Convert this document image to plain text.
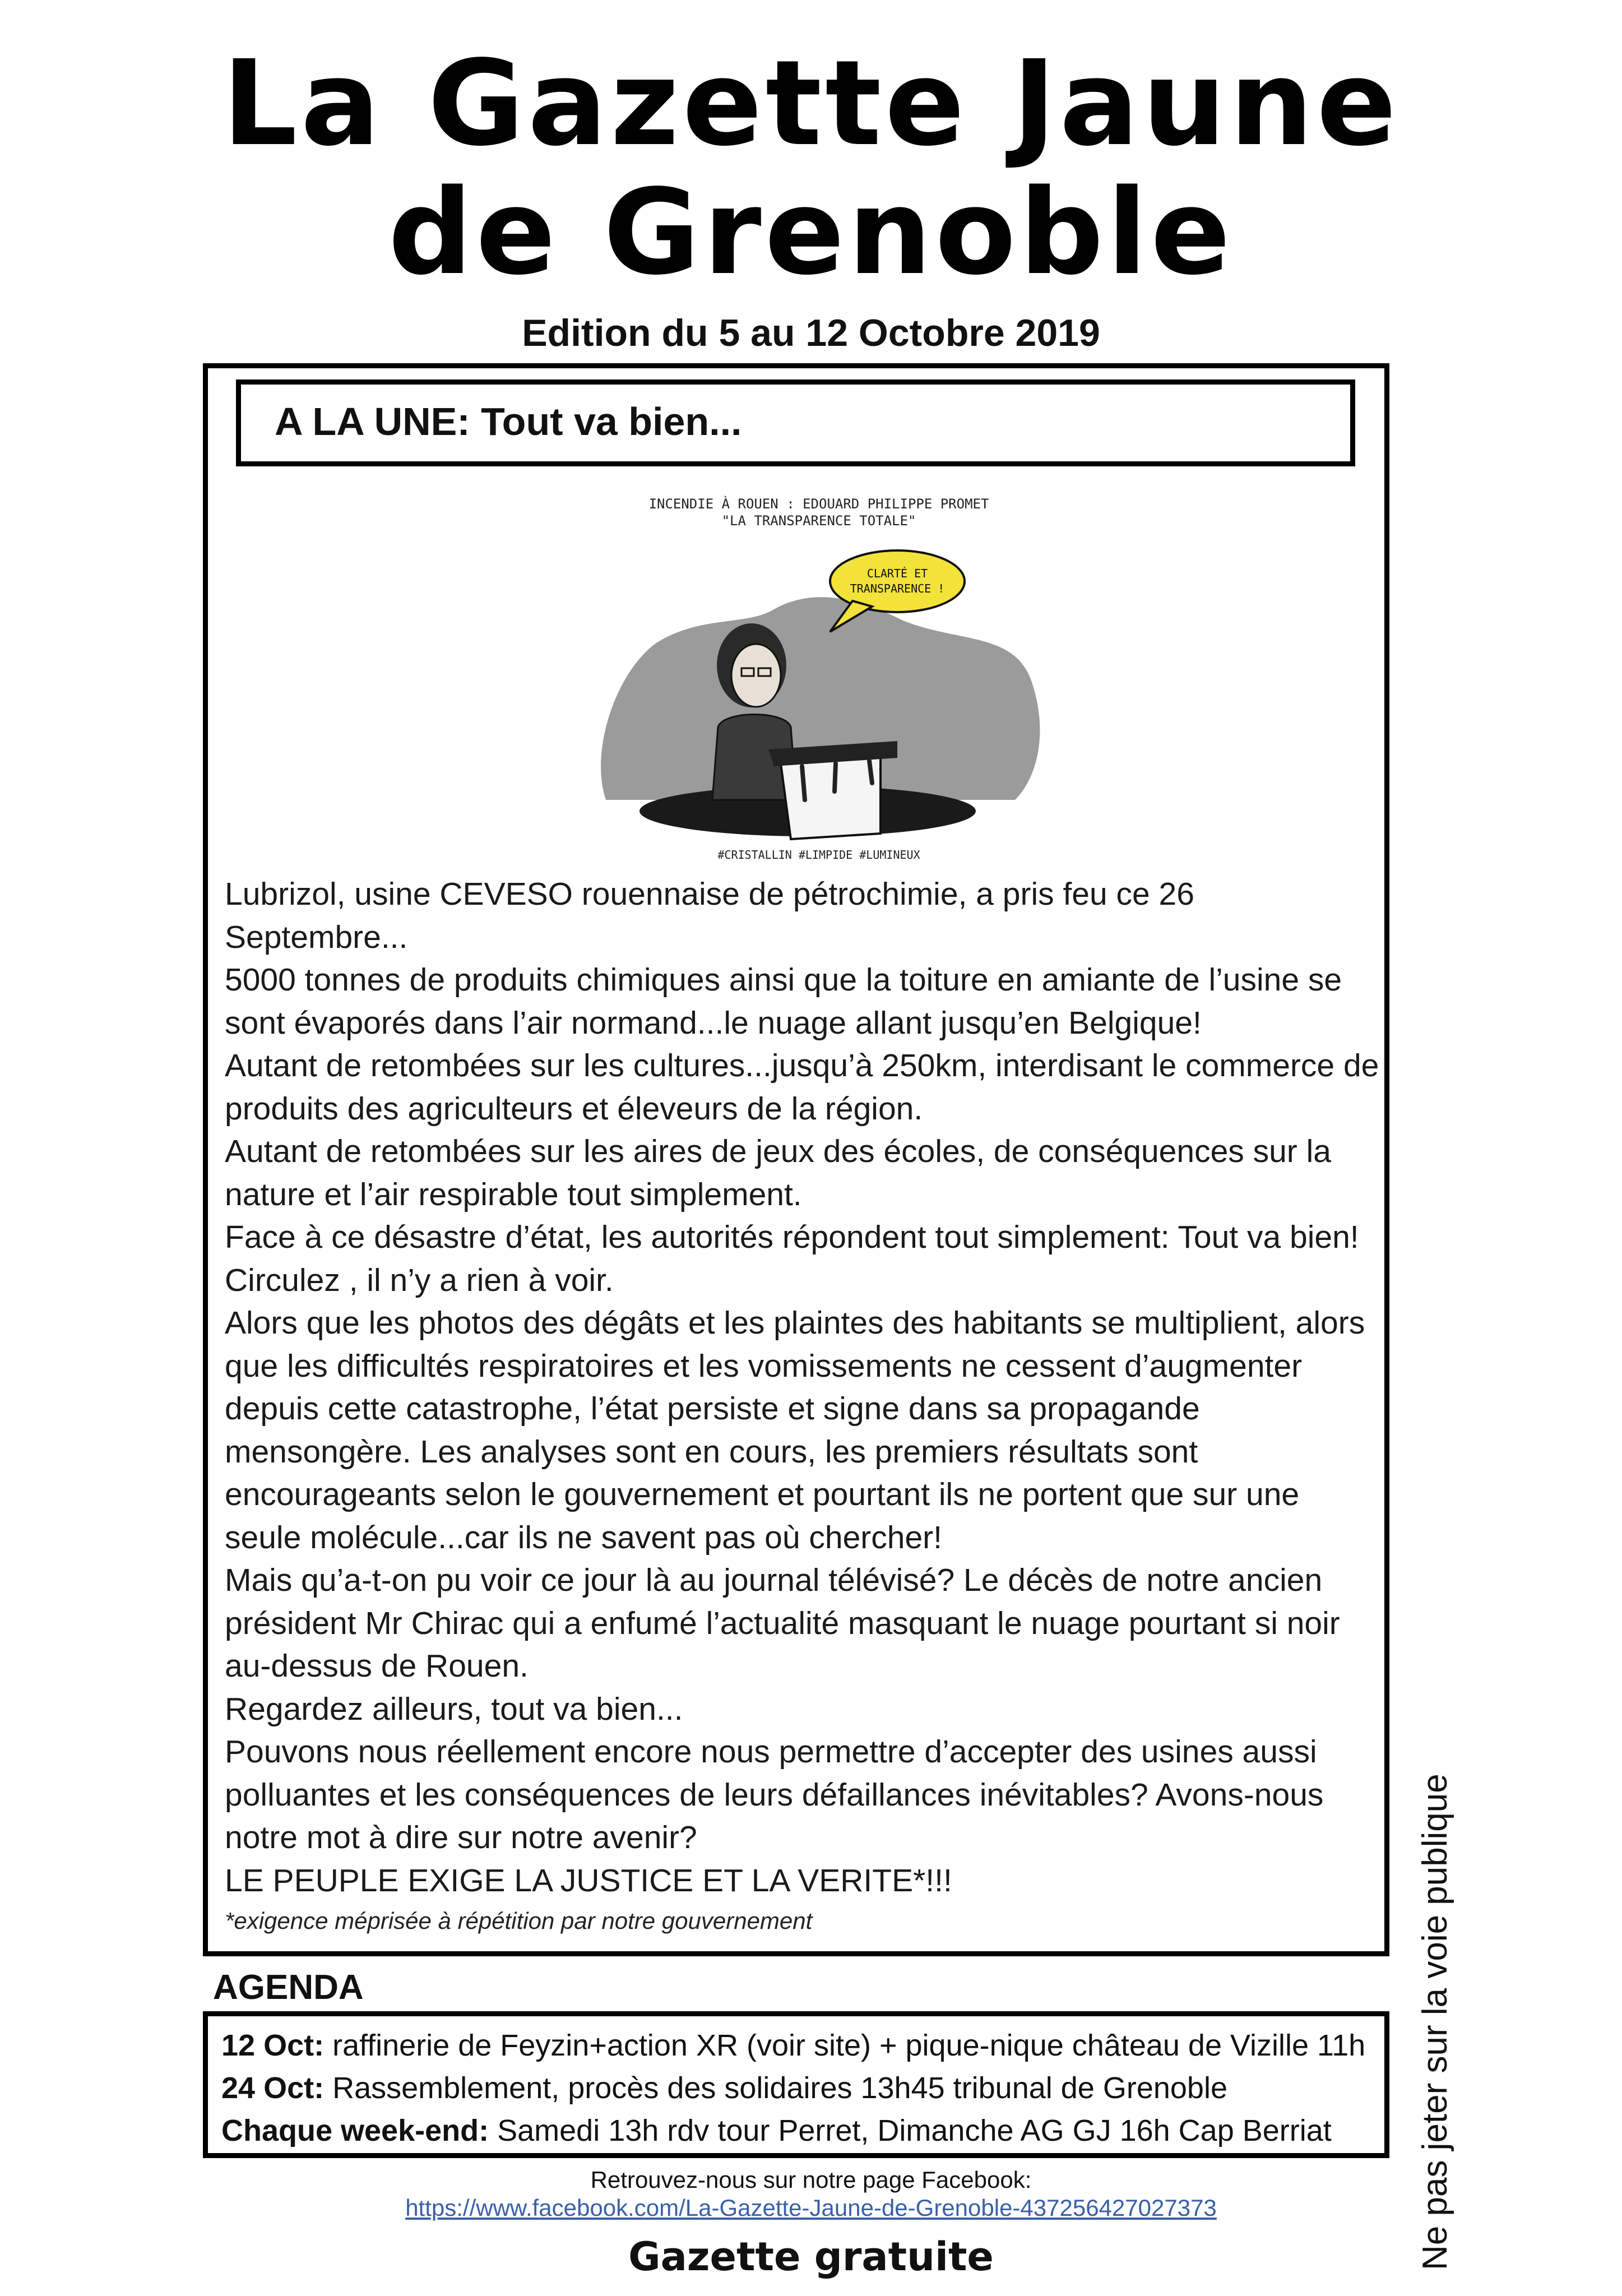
La Gazette Jaune
de Grenoble
Edition du 5 au 12 Octobre 2019
A LA UNE: Tout va bien...
INCENDIE À ROUEN : EDOUARD PHILIPPE PROMET
"LA TRANSPARENCE TOTALE"
CLARTÉ ET
TRANSPARENCE !
#CRISTALLIN #LIMPIDE #LUMINEUX

Lubrizol, usine CEVESO rouennaise de pétrochimie, a pris feu ce 26 Septembre...

5000 tonnes de produits chimiques ainsi que la toiture en amiante de l’usine se sont évaporés dans l’air normand...le nuage allant jusqu’en Belgique!

Autant de retombées sur les cultures...jusqu’à 250km, interdisant le commerce de produits des agriculteurs et éleveurs de la région.

Autant de retombées sur les aires de jeux des écoles, de conséquences sur la nature et l’air respirable tout simplement.

Face à ce désastre d’état, les autorités répondent tout simplement: Tout va bien! Circulez , il n’y a rien à voir.

Alors que les photos des dégâts et les plaintes des habitants se multiplient, alors que les difficultés respiratoires et les vomissements ne cessent d’augmenter depuis cette catastrophe, l’état persiste et signe dans sa propagande mensongère. Les analyses sont en cours, les premiers résultats sont encourageants selon le gouvernement et pourtant ils ne portent que sur une seule molécule...car ils ne savent pas où chercher!

Mais qu’a-t-on pu voir ce jour là au journal télévisé? Le décès de notre ancien président Mr Chirac qui a enfumé l’actualité masquant le nuage pourtant si noir au-dessus de Rouen.

Regardez ailleurs, tout va bien...

Pouvons nous réellement encore nous permettre d’accepter des usines aussi polluantes et les conséquences de leurs défaillances inévitables? Avons-nous notre mot à dire sur notre avenir?

LE PEUPLE EXIGE LA JUSTICE ET LA VERITE*!!!

*exigence méprisée à répétition par notre gouvernement
AGENDA
12 Oct: raffinerie de Feyzin+action XR (voir site) + pique-nique château de Vizille 11h
24 Oct: Rassemblement, procès des solidaires 13h45 tribunal de Grenoble
Chaque week-end: Samedi 13h rdv tour Perret, Dimanche AG GJ 16h Cap Berriat
Retrouvez-nous sur notre page Facebook:
https://www.facebook.com/La-Gazette-Jaune-de-Grenoble-437256427027373
Gazette gratuite	Ne pas jeter sur la voie publique
